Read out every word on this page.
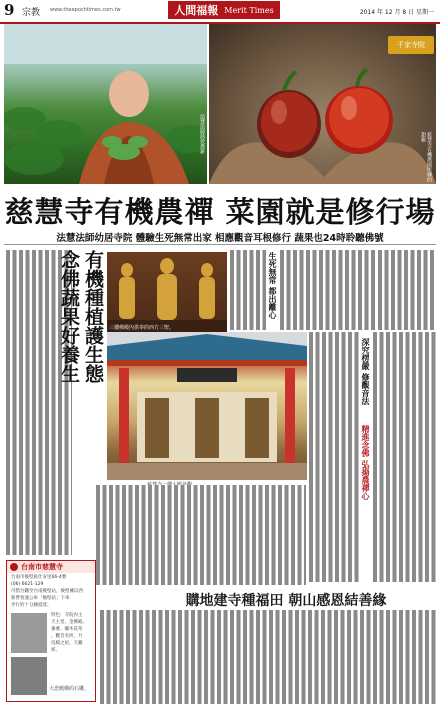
9 宗教 www.theepochtimes.com.tw	人間福報 Merit Times	2014 年 12 月 8 日 星期一
法慧法師熱愛農耕	慈慧寺有機農園所種的甜椒
千家寺院
慈慧寺有機農禪 菜園就是修行場
法慧法師幼居寺院 體驗生死無常出家 相應觀音耳根修行 蔬果也24時聆聽佛號
有機種植護生態
念佛蔬果好養生	三樓佛殿內供奉的西方三聖。
生死無常 都出離心
深究楞嚴 修觀音法
精進念佛 弘揚農禪心
台南市慈慧寺
台南市後壁區仕安里66-4號
(06) 6621-129
可搭台鐵至台南後壁站，後壁溪以西
新營客運公車「後壁站」下車
步行約十分鐘抵達。
特色：寺院內主
天主堂、金佛殿、
蕃薯、藥木花草
、觀音名所，月
房殿之屋、天藏
經。
大悲殿佛的石雕。
購地建寺種福田 朝山感恩結善緣
